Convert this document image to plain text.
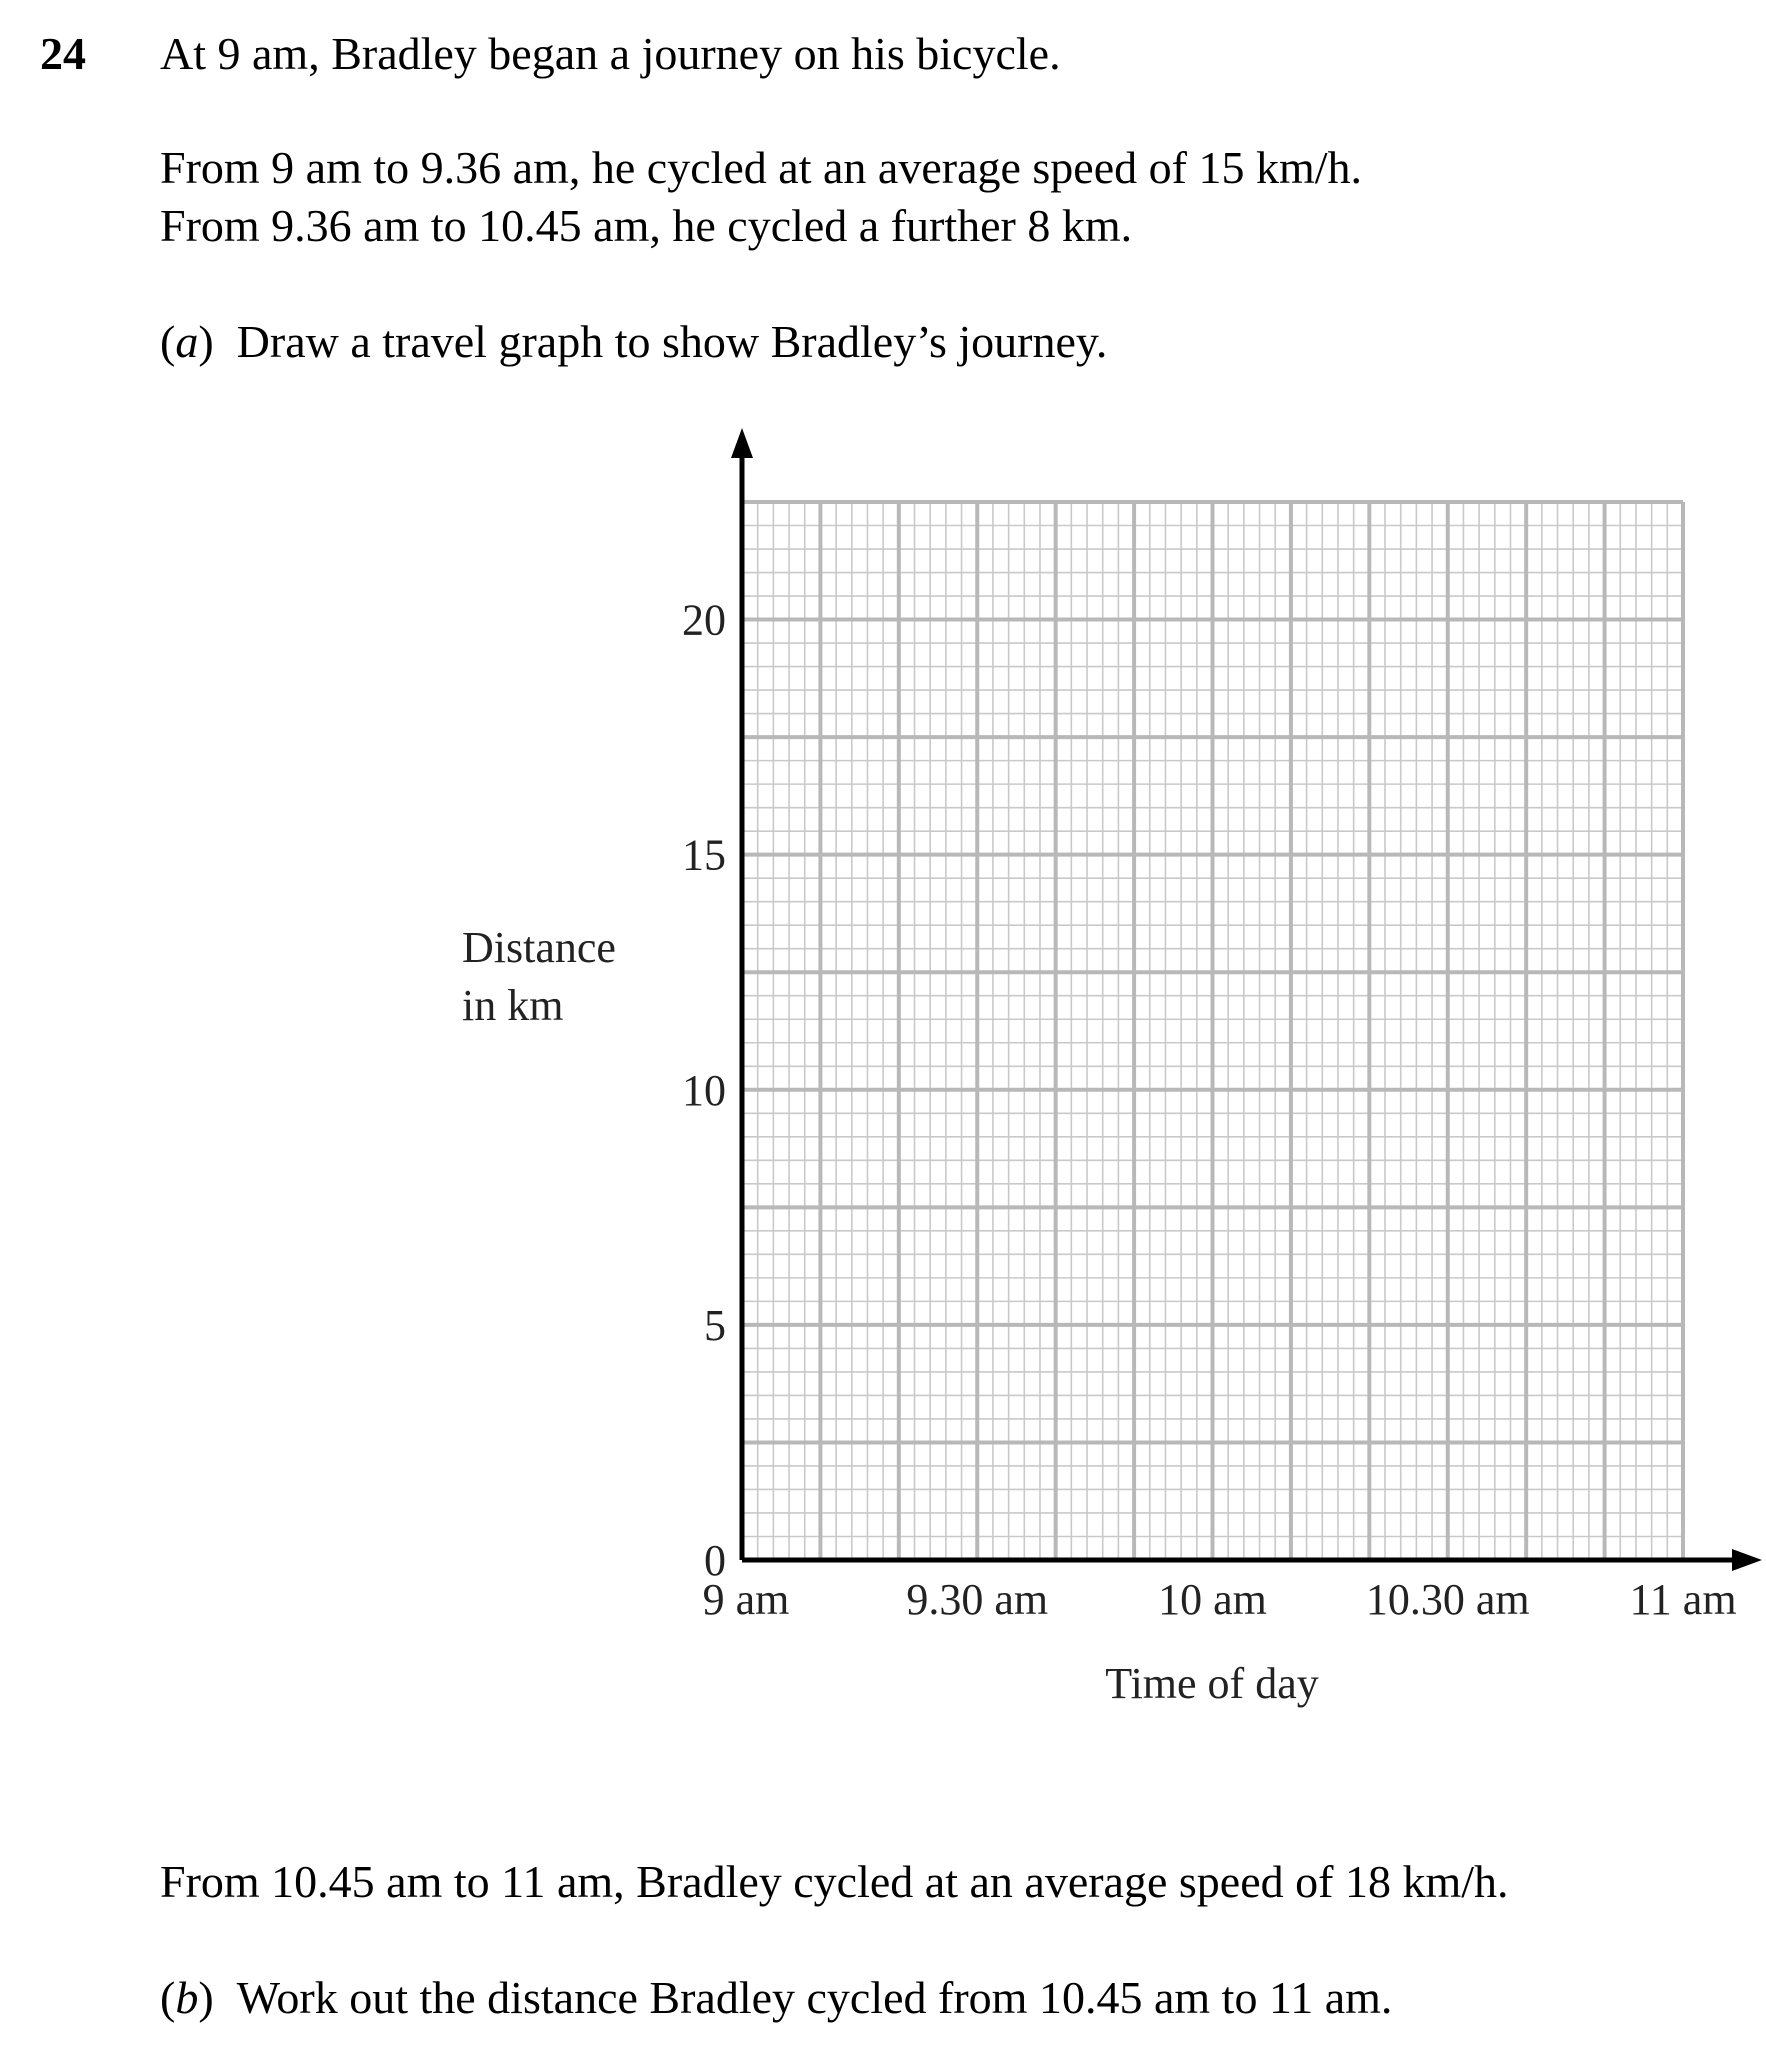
24 At 9 am, Bradley began a journey on his bicycle.
From 9 am to 9.36 am, he cycled at an average speed of 15 km/h.
From 9.36 am to 10.45 am, he cycled a further 8 km.
(a)  Draw a travel graph to show Bradley’s journey.
0
5
10
15
20
9 am	9.30 am 10 am 10.30 am 11 am
Distance
in km
Time of day
From 10.45 am to 11 am, Bradley cycled at an average speed of 18 km/h.
(b)  Work out the distance Bradley cycled from 10.45 am to 11 am.
